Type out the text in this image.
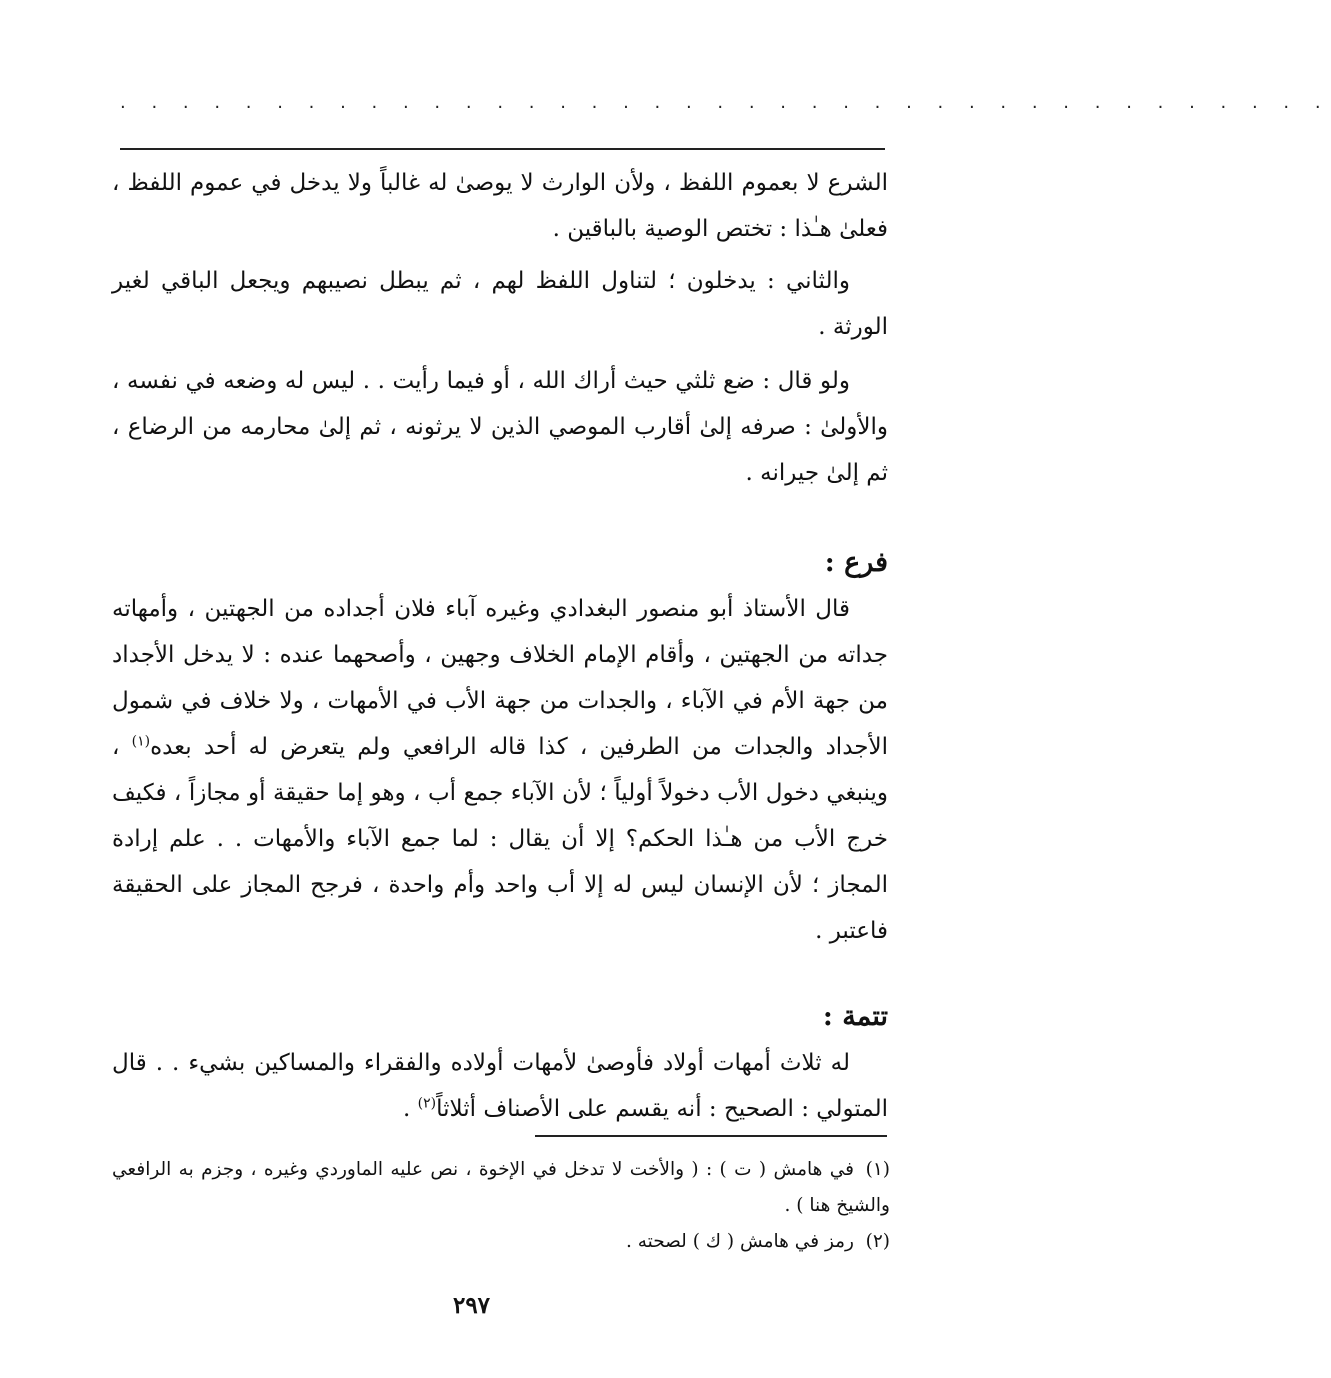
. . . . . . . . . . . . . . . . . . . . . . . . . . . . . . . . . . . . . . .

الشرع لا بعموم اللفظ ، ولأن الوارث لا يوصىٰ له غالباً ولا يدخل في عموم اللفظ ، فعلىٰ هـٰذا : تختص الوصية بالباقين .

والثاني : يدخلون ؛ لتناول اللفظ لهم ، ثم يبطل نصيبهم ويجعل الباقي لغير الورثة .

ولو قال : ضع ثلثي حيث أراك الله ، أو فيما رأيت . . ليس له وضعه في نفسه ، والأولىٰ : صرفه إلىٰ أقارب الموصي الذين لا يرثونه ، ثم إلىٰ محارمه من الرضاع ، ثم إلىٰ جيرانه .

فرع :

قال الأستاذ أبو منصور البغدادي وغيره آباء فلان أجداده من الجهتين ، وأمهاته جداته من الجهتين ، وأقام الإمام الخلاف وجهين ، وأصحهما عنده : لا يدخل الأجداد من جهة الأم في الآباء ، والجدات من جهة الأب في الأمهات ، ولا خلاف في شمول الأجداد والجدات من الطرفين ، كذا قاله الرافعي ولم يتعرض له أحد بعده$^{(١)}$ ، وينبغي دخول الأب دخولاً أولياً ؛ لأن الآباء جمع أب ، وهو إما حقيقة أو مجازاً ، فكيف خرج الأب من هـٰذا الحكم؟ إلا أن يقال : لما جمع الآباء والأمهات . . علم إرادة المجاز ؛ لأن الإنسان ليس له إلا أب واحد وأم واحدة ، فرجح المجاز على الحقيقة فاعتبر .

تتمة :

له ثلاث أمهات أولاد فأوصىٰ لأمهات أولاده والفقراء والمساكين بشيء . . قال المتولي : الصحيح : أنه يقسم على الأصناف أثلاثاً$^{(٢)}$ .

(١)في هامش ( ت ) : ( والأخت لا تدخل في الإخوة ، نص عليه الماوردي وغيره ، وجزم به الرافعي والشيخ هنا ) .

(٢)رمز في هامش ( ك ) لصحته .

٢٩٧
